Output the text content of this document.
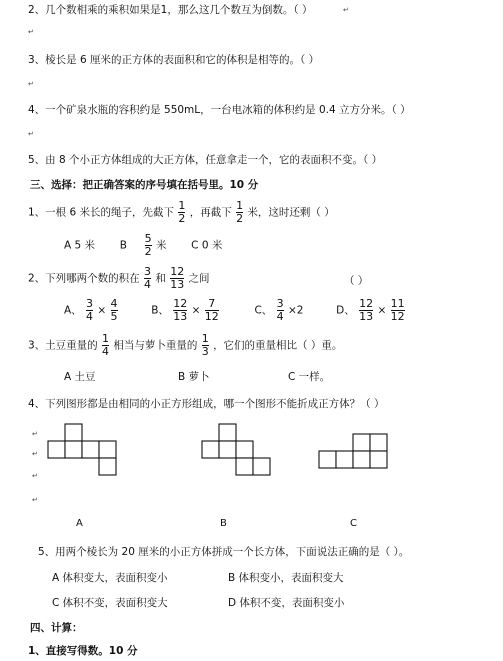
2、几个数相乘的乘积如果是1，那么这几个数互为倒数。（ ）	↵
↵
3、棱长是 6 厘米的正方体的表面积和它的体积是相等的。（ ）
↵
4、一个矿泉水瓶的容积约是 550mL，一台电冰箱的体积约是 0.4 立方分米。（ ）
↵
5、由 8 个小正方体组成的大正方体，任意拿走一个，它的表面积不变。（ ）
三、选择：把正确答案的序号填在括号里。10 分
1、一根 6 米长的绳子，先截下 $\frac{1}{2}$ ，再截下 $\frac{1}{2}$ 米，这时还剩（ ）
A 5 米 B $\frac{5}{2}$ 米 C 0 米
2、下列哪两个数的积在 $\frac{3}{4}$ 和 $\frac{12}{13}$ 之间	（ ）
A、 $\frac{3}{4} \times \frac{4}{5}$	B、 $\frac{12}{13} \times \frac{7}{12}$	C、 $\frac{3}{4} \times 2$	D、 $\frac{12}{13} \times \frac{11}{12}$
3、土豆重量的 $\frac{1}{4}$ 相当与萝卜重量的 $\frac{1}{3}$ ，它们的重量相比（ ）重。
A 土豆	B 萝卜	C 一样。
4、下列图形都是由相同的小正方形组成，哪一个图形不能折成正方体？（ ）
↵
↵
↵
↵
A	B	C
5、用两个棱长为 20 厘米的小正方体拼成一个长方体，下面说法正确的是（ ）。
A 体积变大，表面积变小	B 体积变小，表面积变大
C 体积不变，表面积变大	D 体积不变，表面积变小
四、计算：
1、直接写得数。10 分
